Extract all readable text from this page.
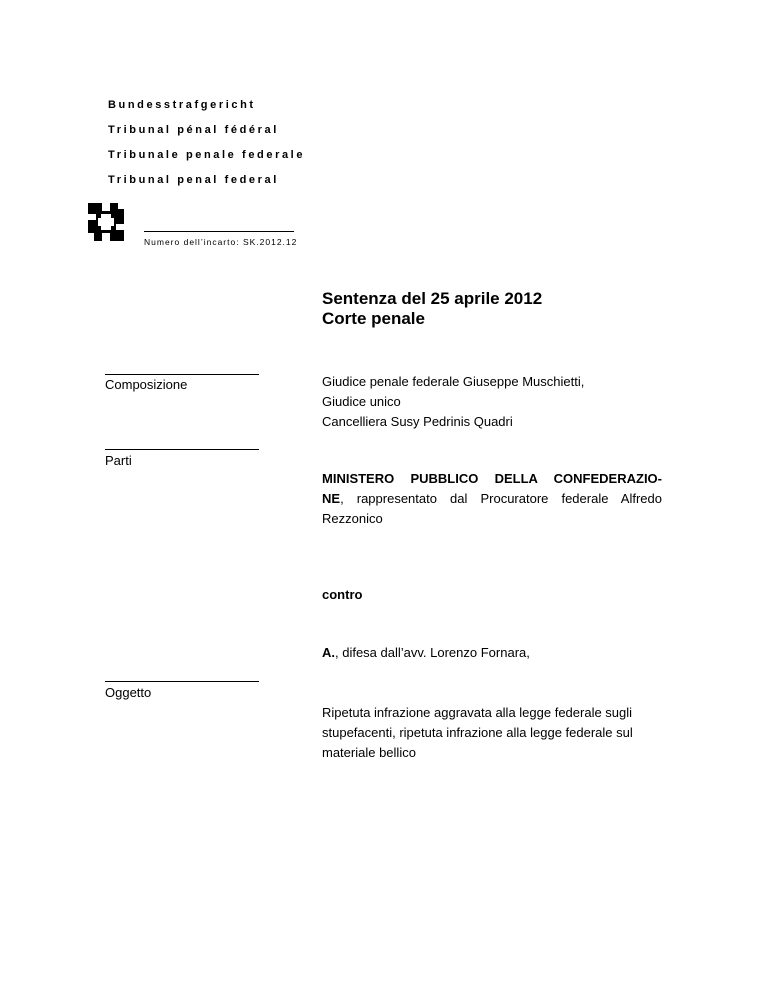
Bundesstrafgericht
Tribunal pénal fédéral
Tribunale penale federale
Tribunal penal federal
Numero dell’incarto: SK.2012.12
Sentenza del 25 aprile 2012
Corte penale
Composizione	Giudice penale federale Giuseppe Muschietti,
Giudice unico
Cancelliera Susy Pedrinis Quadri
Parti
MINISTERO PUBBLICO DELLA CONFEDERAZIO-
NE, rappresentato dal Procuratore federale Alfredo
Rezzonico
contro
A., difesa dall’avv. Lorenzo Fornara,
Oggetto
Ripetuta infrazione aggravata alla legge federale sugli
stupefacenti, ripetuta infrazione alla legge federale sul
materiale bellico
